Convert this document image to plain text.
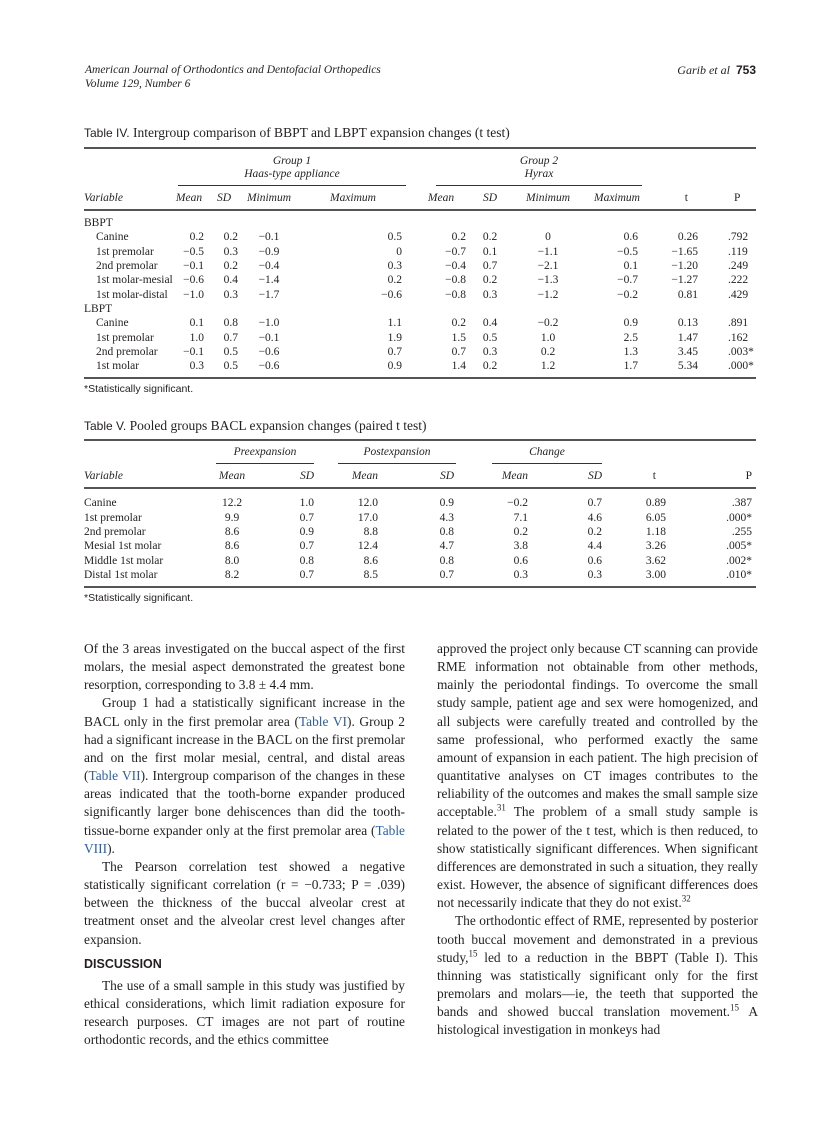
American Journal of Orthodontics and Dentofacial Orthopedics
Volume 129, Number 6
Garib et al 753
Table IV. Intergroup comparison of BBPT and LBPT expansion changes (t test)

	Group 1
Haas-type appliance				Group 2
Hyrax					

Variable	Mean	SD	Minimum	Maximum	Mean	SD	Minimum	Maximum	t	P

BBPT										
Canine	0.2	0.2	−0.1	0.5	0.2	0.2	0	0.6	0.26	.792
1st premolar	−0.5	0.3	−0.9	0	−0.7	0.1	−1.1	−0.5	−1.65	.119
2nd premolar	−0.1	0.2	−0.4	0.3	−0.4	0.7	−2.1	0.1	−1.20	.249
1st molar-mesial	−0.6	0.4	−1.4	0.2	−0.8	0.2	−1.3	−0.7	−1.27	.222
1st molar-distal	−1.0	0.3	−1.7	−0.6	−0.8	0.3	−1.2	−0.2	0.81	.429
LBPT										
Canine	0.1	0.8	−1.0	1.1	0.2	0.4	−0.2	0.9	0.13	.891
1st premolar	1.0	0.7	−0.1	1.9	1.5	0.5	1.0	2.5	1.47	.162
2nd premolar	−0.1	0.5	−0.6	0.7	0.7	0.3	0.2	1.3	3.45	.003*
1st molar	0.3	0.5	−0.6	0.9	1.4	0.2	1.2	1.7	5.34	.000*

*Statistically significant.
Table V. Pooled groups BACL expansion changes (paired t test)

	Preexpansion		Postexpansion		Change			

Variable	Mean	SD	Mean	SD	Mean	SD	t	P

Canine	12.2	1.0	12.0	0.9	−0.2	0.7	0.89	.387
1st premolar	9.9	0.7	17.0	4.3	7.1	4.6	6.05	.000*
2nd premolar	8.6	0.9	8.8	0.8	0.2	0.2	1.18	.255
Mesial 1st molar	8.6	0.7	12.4	4.7	3.8	4.4	3.26	.005*
Middle 1st molar	8.0	0.8	8.6	0.8	0.6	0.6	3.62	.002*
Distal 1st molar	8.2	0.7	8.5	0.7	0.3	0.3	3.00	.010*

*Statistically significant.

Of the 3 areas investigated on the buccal aspect of the first molars, the mesial aspect demonstrated the greatest bone resorption, corresponding to 3.8 ± 4.4 mm.

Group 1 had a statistically significant increase in the BACL only in the first premolar area (Table VI). Group 2 had a significant increase in the BACL on the first premolar and on the first molar mesial, central, and distal areas (Table VII). Intergroup comparison of the changes in these areas indicated that the tooth-borne expander produced significantly larger bone dehiscences than did the tooth-tissue-borne expander only at the first premolar area (Table VIII).

The Pearson correlation test showed a negative statistically significant correlation (r = −0.733; P = .039) between the thickness of the buccal alveolar crest at treatment onset and the alveolar crest level changes after expansion.

DISCUSSION

The use of a small sample in this study was justified by ethical considerations, which limit radiation exposure for research purposes. CT images are not part of routine orthodontic records, and the ethics committee

approved the project only because CT scanning can provide RME information not obtainable from other methods, mainly the periodontal findings. To overcome the small study sample, patient age and sex were homogenized, and all subjects were carefully treated and controlled by the same professional, who performed exactly the same amount of expansion in each patient. The high precision of quantitative analyses on CT images contributes to the reliability of the outcomes and makes the small sample size acceptable.$^{31}$ The problem of a small study sample is related to the power of the t test, which is then reduced, to show statistically significant differences. When significant differences are demonstrated in such a situation, they really exist. However, the absence of significant differences does not necessarily indicate that they do not exist.$^{32}$

The orthodontic effect of RME, represented by posterior tooth buccal movement and demonstrated in a previous study,$^{15}$ led to a reduction in the BBPT (Table I). This thinning was statistically significant only for the first premolars and molars—ie, the teeth that supported the bands and showed buccal translation movement.$^{15}$ A histological investigation in monkeys had
